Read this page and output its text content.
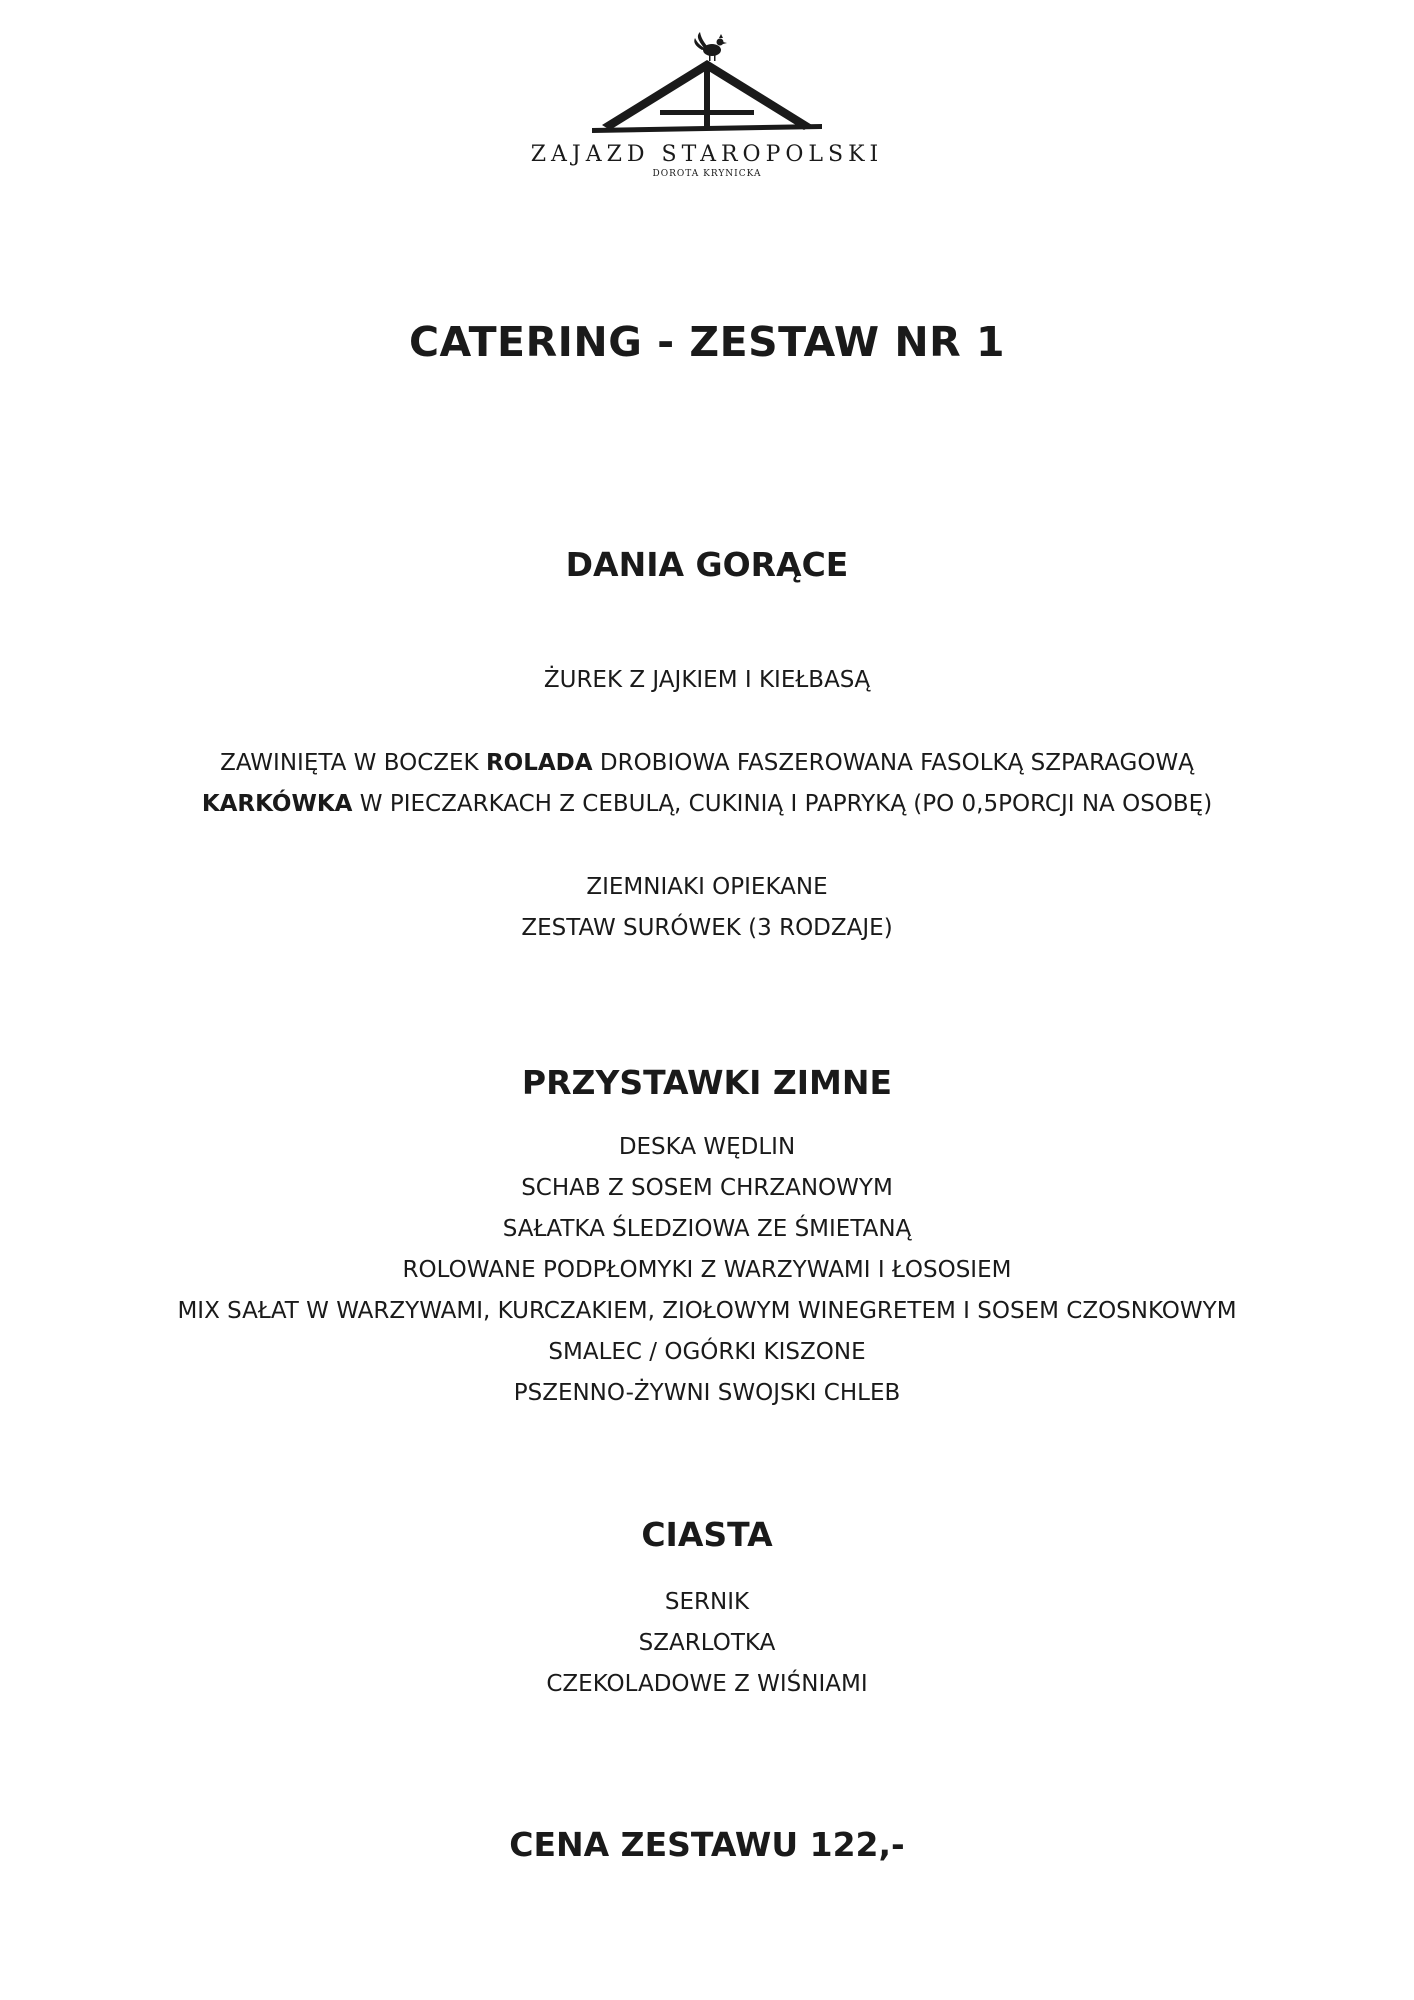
ZAJAZD STAROPOLSKI
DOROTA KRYNICKA
CATERING - ZESTAW NR 1
DANIA GORĄCE
ŻUREK Z JAJKIEM I KIEŁBASĄ
ZAWINIĘTA W BOCZEK ROLADA DROBIOWA FASZEROWANA FASOLKĄ SZPARAGOWĄ
KARKÓWKA W PIECZARKACH Z CEBULĄ, CUKINIĄ I PAPRYKĄ (PO 0,5PORCJI NA OSOBĘ)
ZIEMNIAKI OPIEKANE
ZESTAW SURÓWEK (3 RODZAJE)
PRZYSTAWKI ZIMNE
DESKA WĘDLIN
SCHAB Z SOSEM CHRZANOWYM
SAŁATKA ŚLEDZIOWA ZE ŚMIETANĄ
ROLOWANE PODPŁOMYKI Z WARZYWAMI I ŁOSOSIEM
MIX SAŁAT W WARZYWAMI, KURCZAKIEM, ZIOŁOWYM WINEGRETEM I SOSEM CZOSNKOWYM
SMALEC / OGÓRKI KISZONE
PSZENNO-ŻYWNI SWOJSKI CHLEB
CIASTA
SERNIK
SZARLOTKA
CZEKOLADOWE Z WIŚNIAMI
CENA ZESTAWU 122,-
